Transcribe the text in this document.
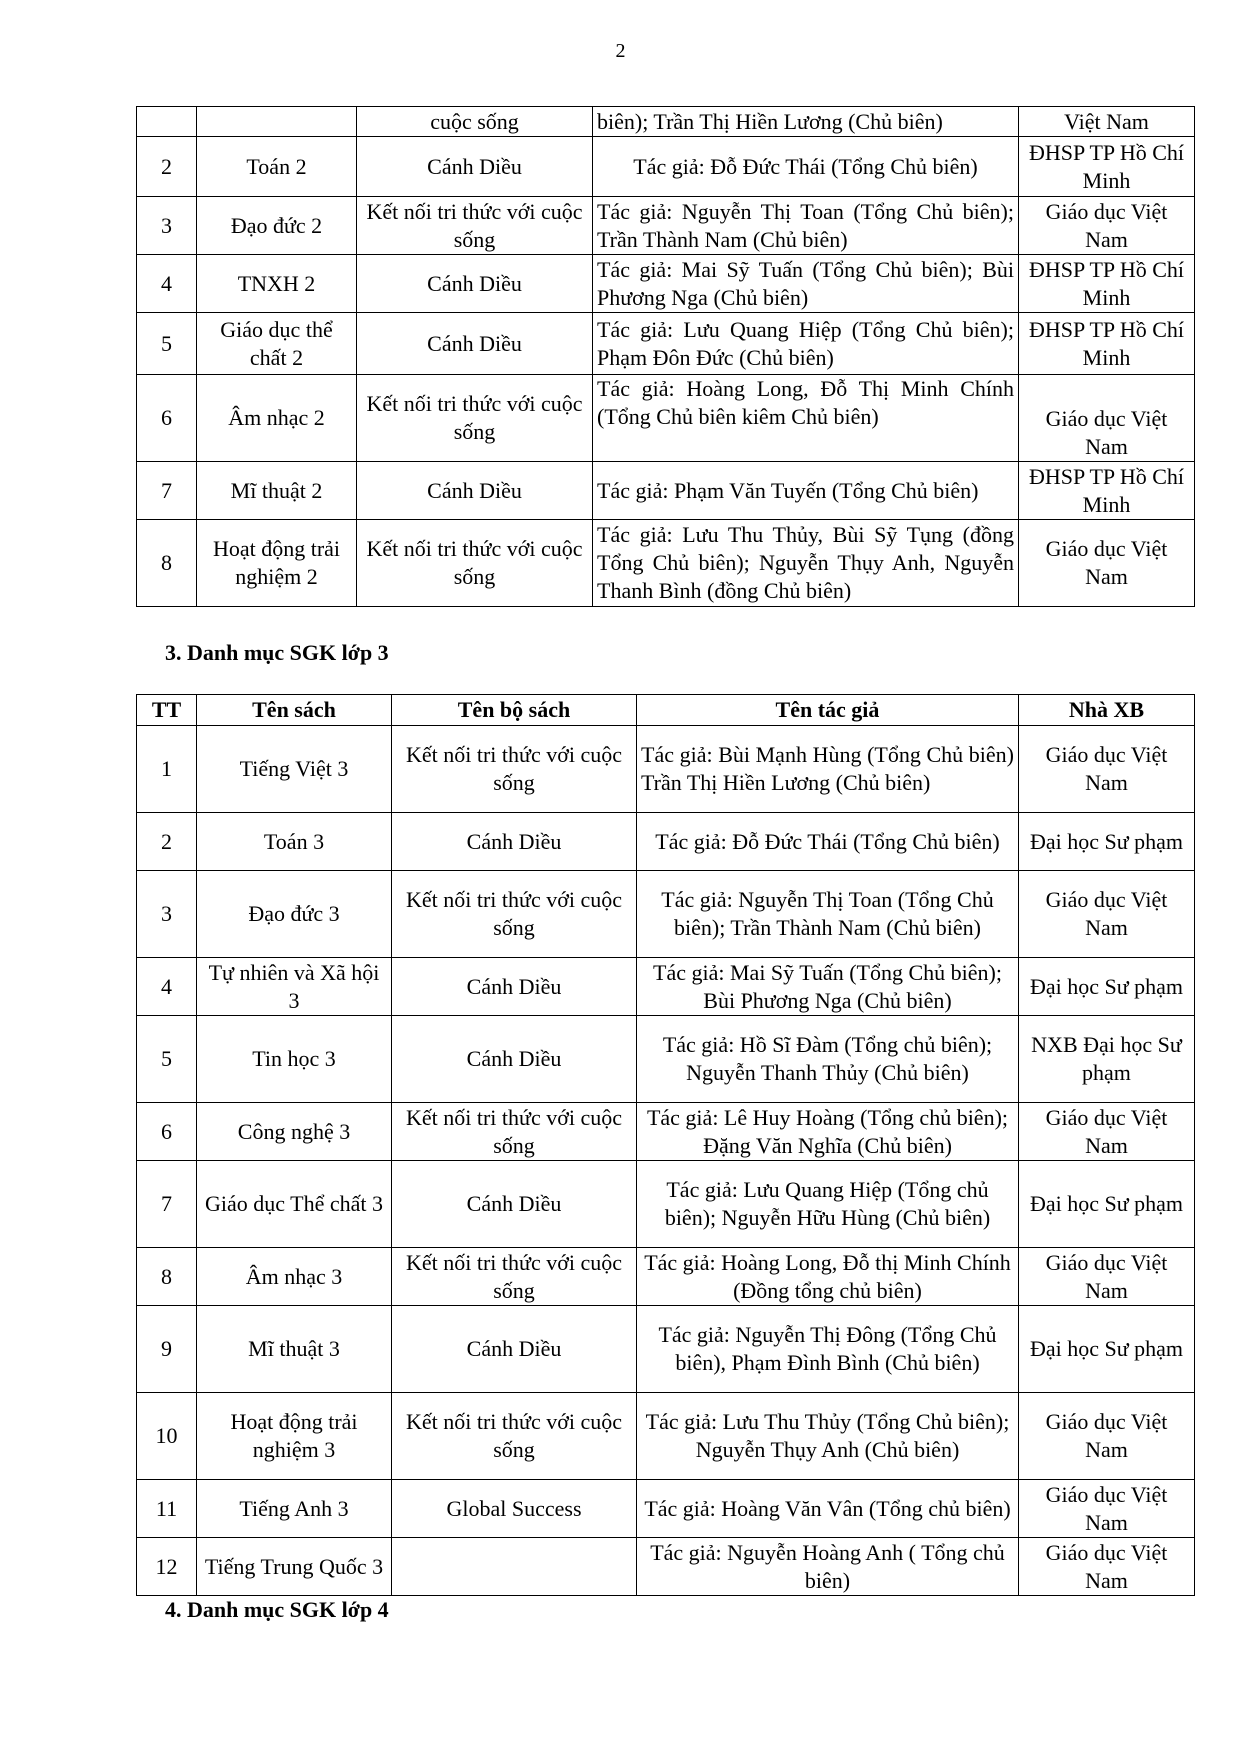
2
		cuộc sống	biên); Trần Thị Hiền Lương (Chủ biên)	Việt Nam
2	Toán 2	Cánh Diều	Tác giả: Đỗ Đức Thái (Tổng Chủ biên)	ĐHSP TP Hồ Chí Minh
3	Đạo đức 2	Kết nối tri thức với cuộc sống	Tác giả: Nguyễn Thị Toan (Tổng Chủ biên); Trần Thành Nam (Chủ biên)	Giáo dục Việt Nam
4	TNXH 2	Cánh Diều	Tác giả: Mai Sỹ Tuấn (Tổng Chủ biên); Bùi Phương Nga (Chủ biên)	ĐHSP TP Hồ Chí Minh
5	Giáo dục thể chất 2	Cánh Diều	Tác giả: Lưu Quang Hiệp (Tổng Chủ biên); Phạm Đôn Đức (Chủ biên)	ĐHSP TP Hồ Chí Minh
6	Âm nhạc 2	Kết nối tri thức với cuộc sống	Tác giả: Hoàng Long, Đỗ Thị Minh Chính (Tổng Chủ biên kiêm Chủ biên)	Giáo dục Việt Nam
7	Mĩ thuật 2	Cánh Diều	Tác giả: Phạm Văn Tuyến (Tổng Chủ biên)	ĐHSP TP Hồ Chí Minh
8	Hoạt động trải nghiệm 2	Kết nối tri thức với cuộc sống	Tác giả: Lưu Thu Thủy, Bùi Sỹ Tụng (đồng Tổng Chủ biên); Nguyễn Thụy Anh, Nguyễn Thanh Bình (đồng Chủ biên)	Giáo dục Việt Nam
3. Danh mục SGK lớp 3
TT	Tên sách	Tên bộ sách	Tên tác giả	Nhà XB
1	Tiếng Việt 3	Kết nối tri thức với cuộc sống	Tác giả: Bùi Mạnh Hùng (Tổng Chủ biên) Trần Thị Hiền Lương (Chủ biên)	Giáo dục Việt Nam
2	Toán 3	Cánh Diều	Tác giả: Đỗ Đức Thái (Tổng Chủ biên)	Đại học Sư phạm
3	Đạo đức 3	Kết nối tri thức với cuộc sống	Tác giả: Nguyễn Thị Toan (Tổng Chủ biên); Trần Thành Nam (Chủ biên)	Giáo dục Việt Nam
4	Tự nhiên và Xã hội 3	Cánh Diều	Tác giả: Mai Sỹ Tuấn (Tổng Chủ biên); Bùi Phương Nga (Chủ biên)	Đại học Sư phạm
5	Tin học 3	Cánh Diều	Tác giả: Hồ Sĩ Đàm (Tổng chủ biên); Nguyễn Thanh Thủy (Chủ biên)	NXB Đại học Sư phạm
6	Công nghệ 3	Kết nối tri thức với cuộc sống	Tác giả: Lê Huy Hoàng (Tổng chủ biên); Đặng Văn Nghĩa (Chủ biên)	Giáo dục Việt Nam
7	Giáo dục Thể chất 3	Cánh Diều	Tác giả: Lưu Quang Hiệp (Tổng chủ biên); Nguyễn Hữu Hùng (Chủ biên)	Đại học Sư phạm
8	Âm nhạc 3	Kết nối tri thức với cuộc sống	Tác giả: Hoàng Long, Đỗ thị Minh Chính (Đồng tổng chủ biên)	Giáo dục Việt Nam
9	Mĩ thuật 3	Cánh Diều	Tác giả: Nguyễn Thị Đông (Tổng Chủ biên), Phạm Đình Bình (Chủ biên)	Đại học Sư phạm
10	Hoạt động trải nghiệm 3	Kết nối tri thức với cuộc sống	Tác giả: Lưu Thu Thủy (Tổng Chủ biên); Nguyễn Thụy Anh (Chủ biên)	Giáo dục Việt Nam
11	Tiếng Anh 3	Global Success	Tác giả: Hoàng Văn Vân (Tổng chủ biên)	Giáo dục Việt Nam
12	Tiếng Trung Quốc 3		Tác giả: Nguyễn Hoàng Anh ( Tổng chủ biên)	Giáo dục Việt Nam
4. Danh mục SGK lớp 4
